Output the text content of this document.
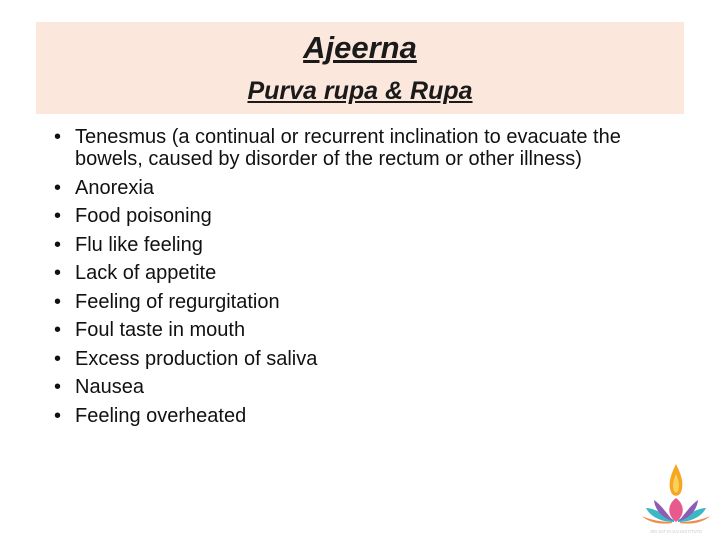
Ajeerna
Purva rupa & Rupa
• Tenesmus (a continual or recurrent inclination to evacuate the bowels, caused by disorder of the rectum or other illness)
• Anorexia
• Food poisoning
• Flu like feeling
• Lack of appetite
• Feeling of regurgitation
• Foul taste in mouth
• Excess production of saliva
• Nausea
• Feeling overheated
SRI SATYA SAI INSTITUTE
